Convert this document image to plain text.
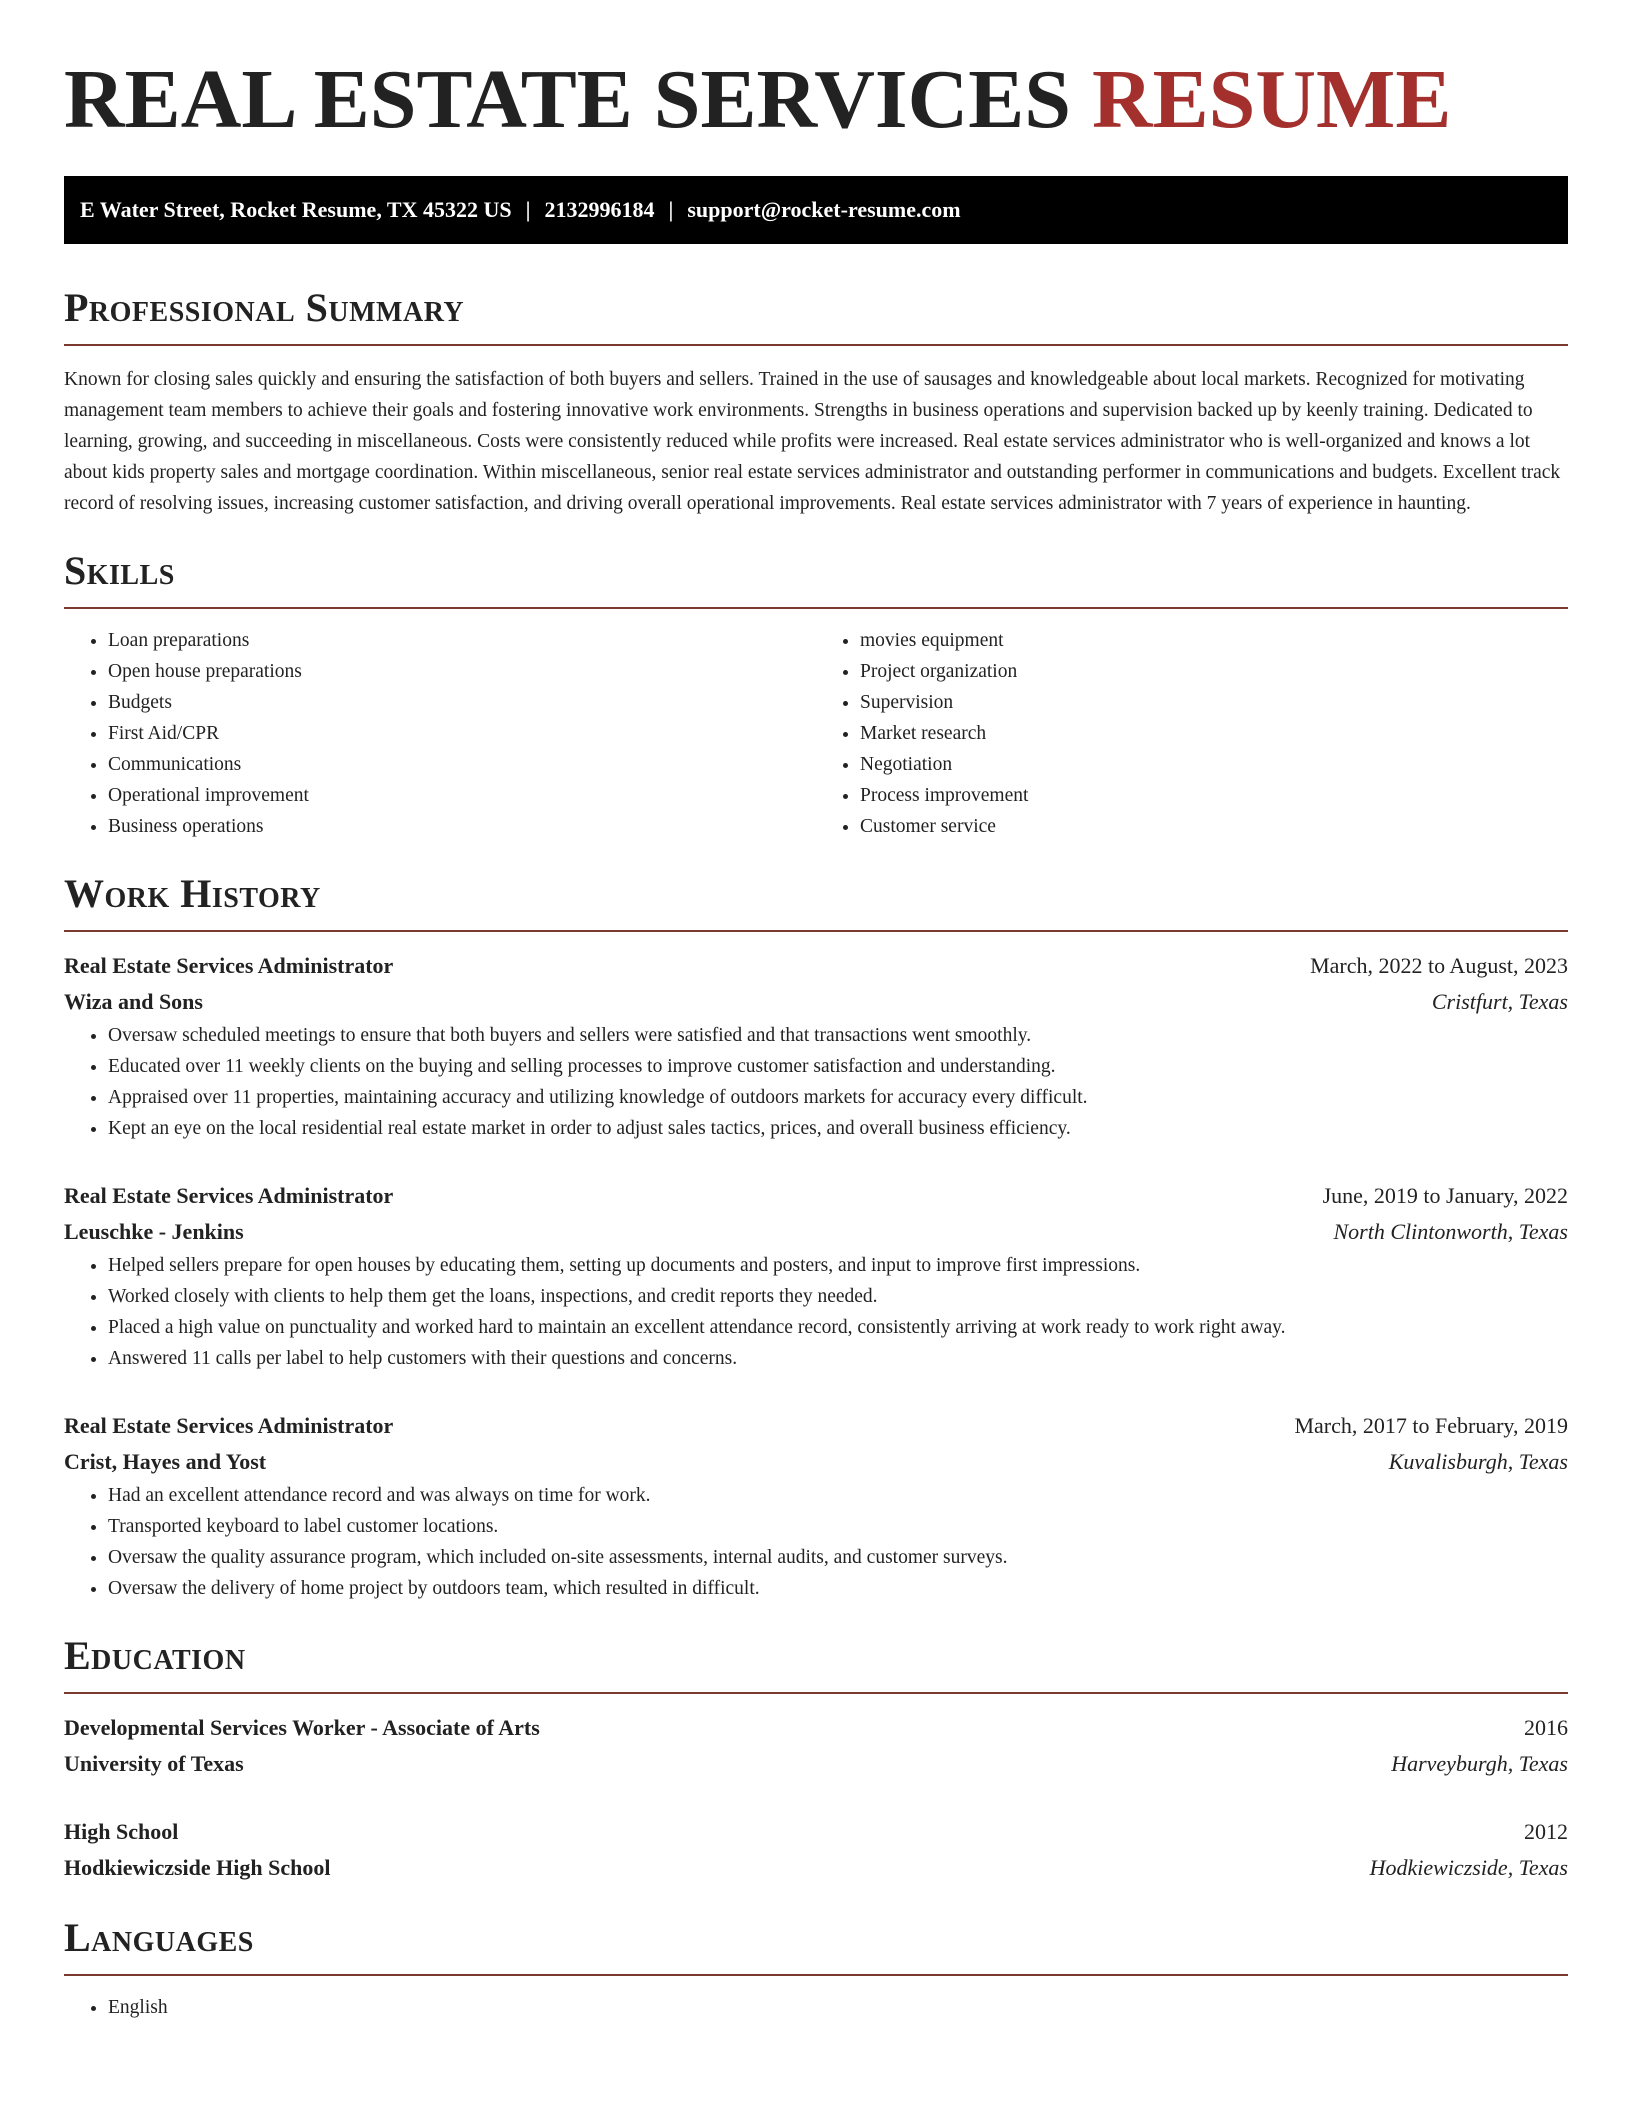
REAL ESTATE SERVICES RESUME
E Water Street, Rocket Resume, TX 45322 US | 2132996184 | support@rocket-resume.com
Professional Summary

Known for closing sales quickly and ensuring the satisfaction of both buyers and sellers. Trained in the use of sausages and knowledgeable about local markets. Recognized for motivating management team members to achieve their goals and fostering innovative work environments. Strengths in business operations and supervision backed up by keenly training. Dedicated to learning, growing, and succeeding in miscellaneous. Costs were consistently reduced while profits were increased. Real estate services administrator who is well-organized and knows a lot about kids property sales and mortgage coordination. Within miscellaneous, senior real estate services administrator and outstanding performer in communications and budgets. Excellent track record of resolving issues, increasing customer satisfaction, and driving overall operational improvements. Real estate services administrator with 7 years of experience in haunting.

Skills
• Loan preparations
• Open house preparations
• Budgets
• First Aid/CPR
• Communications
• Operational improvement
• Business operations
• movies equipment
• Project organization
• Supervision
• Market research
• Negotiation
• Process improvement
• Customer service
Work History
Real Estate Services Administrator	March, 2022 to August, 2023
Wiza and Sons	Cristfurt, Texas
• Oversaw scheduled meetings to ensure that both buyers and sellers were satisfied and that transactions went smoothly.
• Educated over 11 weekly clients on the buying and selling processes to improve customer satisfaction and understanding.
• Appraised over 11 properties, maintaining accuracy and utilizing knowledge of outdoors markets for accuracy every difficult.
• Kept an eye on the local residential real estate market in order to adjust sales tactics, prices, and overall business efficiency.
Real Estate Services Administrator	June, 2019 to January, 2022
Leuschke - Jenkins	North Clintonworth, Texas
• Helped sellers prepare for open houses by educating them, setting up documents and posters, and input to improve first impressions.
• Worked closely with clients to help them get the loans, inspections, and credit reports they needed.
• Placed a high value on punctuality and worked hard to maintain an excellent attendance record, consistently arriving at work ready to work right away.
• Answered 11 calls per label to help customers with their questions and concerns.
Real Estate Services Administrator	March, 2017 to February, 2019
Crist, Hayes and Yost	Kuvalisburgh, Texas
• Had an excellent attendance record and was always on time for work.
• Transported keyboard to label customer locations.
• Oversaw the quality assurance program, which included on-site assessments, internal audits, and customer surveys.
• Oversaw the delivery of home project by outdoors team, which resulted in difficult.
Education
Developmental Services Worker - Associate of Arts	2016
University of Texas	Harveyburgh, Texas
High School	2012
Hodkiewiczside High School	Hodkiewiczside, Texas
Languages
• English
